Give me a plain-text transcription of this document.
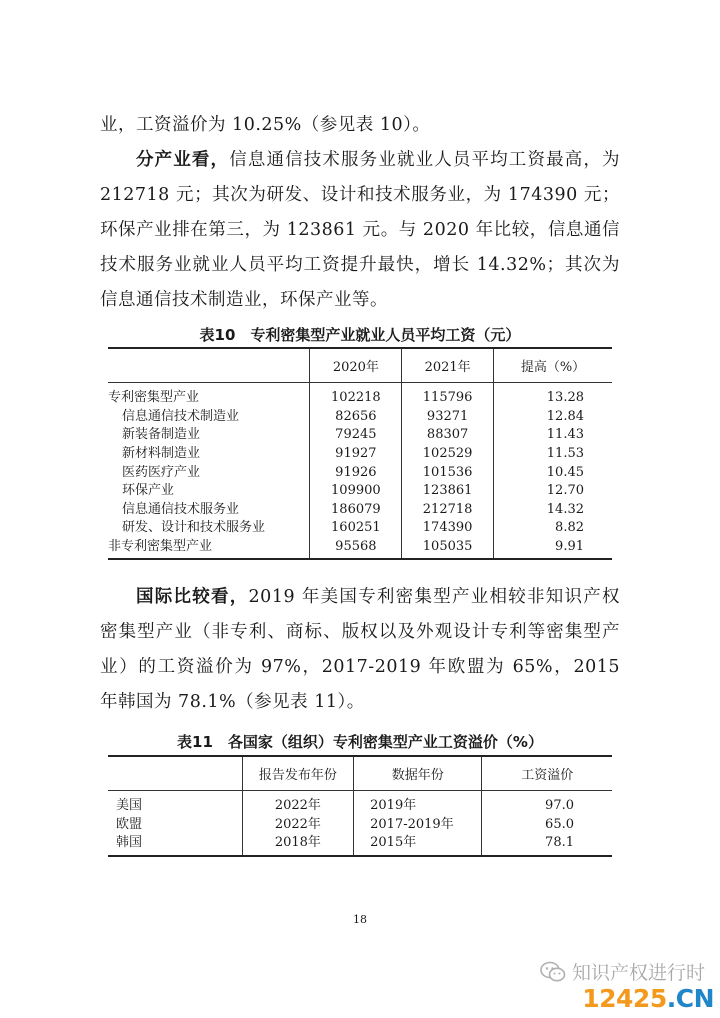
业，工资溢价为 10.25%（参见表 10）。

分产业看，信息通信技术服务业就业人员平均工资最高，为 212718 元；其次为研发、设计和技术服务业，为 174390 元；环保产业排在第三，为 123861 元。与 2020 年比较，信息通信技术服务业就业人员平均工资提升最快，增长 14.32%；其次为信息通信技术制造业，环保产业等。

表10　专利密集型产业就业人员平均工资（元）

	2020年	2021年	提高（%）
专利密集型产业	102218	115796	13.28
信息通信技术制造业	82656	93271	12.84
新装备制造业	79245	88307	11.43
新材料制造业	91927	102529	11.53
医药医疗产业	91926	101536	10.45
环保产业	109900	123861	12.70
信息通信技术服务业	186079	212718	14.32
研发、设计和技术服务业	160251	174390	8.82
非专利密集型产业	95568	105035	9.91

国际比较看，2019 年美国专利密集型产业相较非知识产权密集型产业（非专利、商标、版权以及外观设计专利等密集型产业）的工资溢价为 97%，2017-2019 年欧盟为 65%，2015 年韩国为 78.1%（参见表 11）。

表11　各国家（组织）专利密集型产业工资溢价（%）

	报告发布年份	数据年份	工资溢价
美国	2022年	2019年	97.0
欧盟	2022年	2017-2019年	65.0
韩国	2018年	2015年	78.1
18
知识产权进行时
12425.CN
